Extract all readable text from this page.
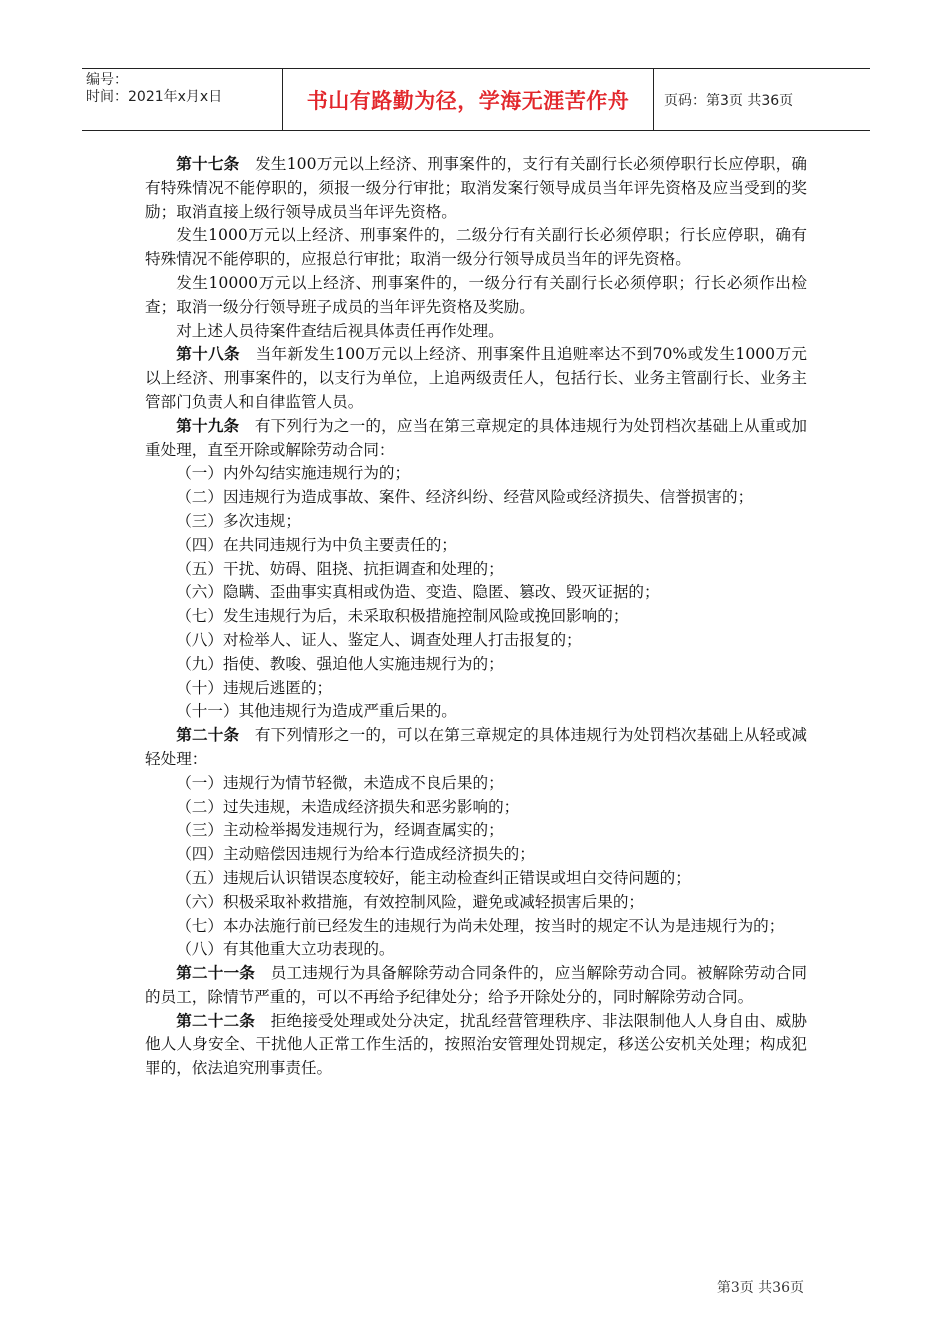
编号：
时间：2021年x月x日	书山有路勤为径，学海无涯苦作舟 页码：第3页 共36页

第十七条 发生100万元以上经济、刑事案件的，支行有关副行长必须停职行长应停职，确有特殊情况不能停职的，须报一级分行审批；取消发案行领导成员当年评先资格及应当受到的奖励；取消直接上级行领导成员当年评先资格。

发生1000万元以上经济、刑事案件的，二级分行有关副行长必须停职；行长应停职，确有特殊情况不能停职的，应报总行审批；取消一级分行领导成员当年的评先资格。

发生10000万元以上经济、刑事案件的，一级分行有关副行长必须停职；行长必须作出检查；取消一级分行领导班子成员的当年评先资格及奖励。

对上述人员待案件查结后视具体责任再作处理。

第十八条 当年新发生100万元以上经济、刑事案件且追赃率达不到70%或发生1000万元以上经济、刑事案件的，以支行为单位，上追两级责任人，包括行长、业务主管副行长、业务主管部门负责人和自律监管人员。

第十九条 有下列行为之一的，应当在第三章规定的具体违规行为处罚档次基础上从重或加重处理，直至开除或解除劳动合同：

（一）内外勾结实施违规行为的；

（二）因违规行为造成事故、案件、经济纠纷、经营风险或经济损失、信誉损害的；

（三）多次违规；

（四）在共同违规行为中负主要责任的；

（五）干扰、妨碍、阻挠、抗拒调查和处理的；

（六）隐瞒、歪曲事实真相或伪造、变造、隐匿、篡改、毁灭证据的；

（七）发生违规行为后，未采取积极措施控制风险或挽回影响的；

（八）对检举人、证人、鉴定人、调查处理人打击报复的；

（九）指使、教唆、强迫他人实施违规行为的；

（十）违规后逃匿的；

（十一）其他违规行为造成严重后果的。

第二十条 有下列情形之一的，可以在第三章规定的具体违规行为处罚档次基础上从轻或减轻处理：

（一）违规行为情节轻微，未造成不良后果的；

（二）过失违规，未造成经济损失和恶劣影响的；

（三）主动检举揭发违规行为，经调查属实的；

（四）主动赔偿因违规行为给本行造成经济损失的；

（五）违规后认识错误态度较好，能主动检查纠正错误或坦白交待问题的；

（六）积极采取补救措施，有效控制风险，避免或减轻损害后果的；

（七）本办法施行前已经发生的违规行为尚未处理，按当时的规定不认为是违规行为的；

（八）有其他重大立功表现的。

第二十一条 员工违规行为具备解除劳动合同条件的，应当解除劳动合同。被解除劳动合同的员工，除情节严重的，可以不再给予纪律处分；给予开除处分的，同时解除劳动合同。

第二十二条 拒绝接受处理或处分决定，扰乱经营管理秩序、非法限制他人人身自由、威胁他人人身安全、干扰他人正常工作生活的，按照治安管理处罚规定，移送公安机关处理；构成犯罪的，依法追究刑事责任。

第3页 共36页
